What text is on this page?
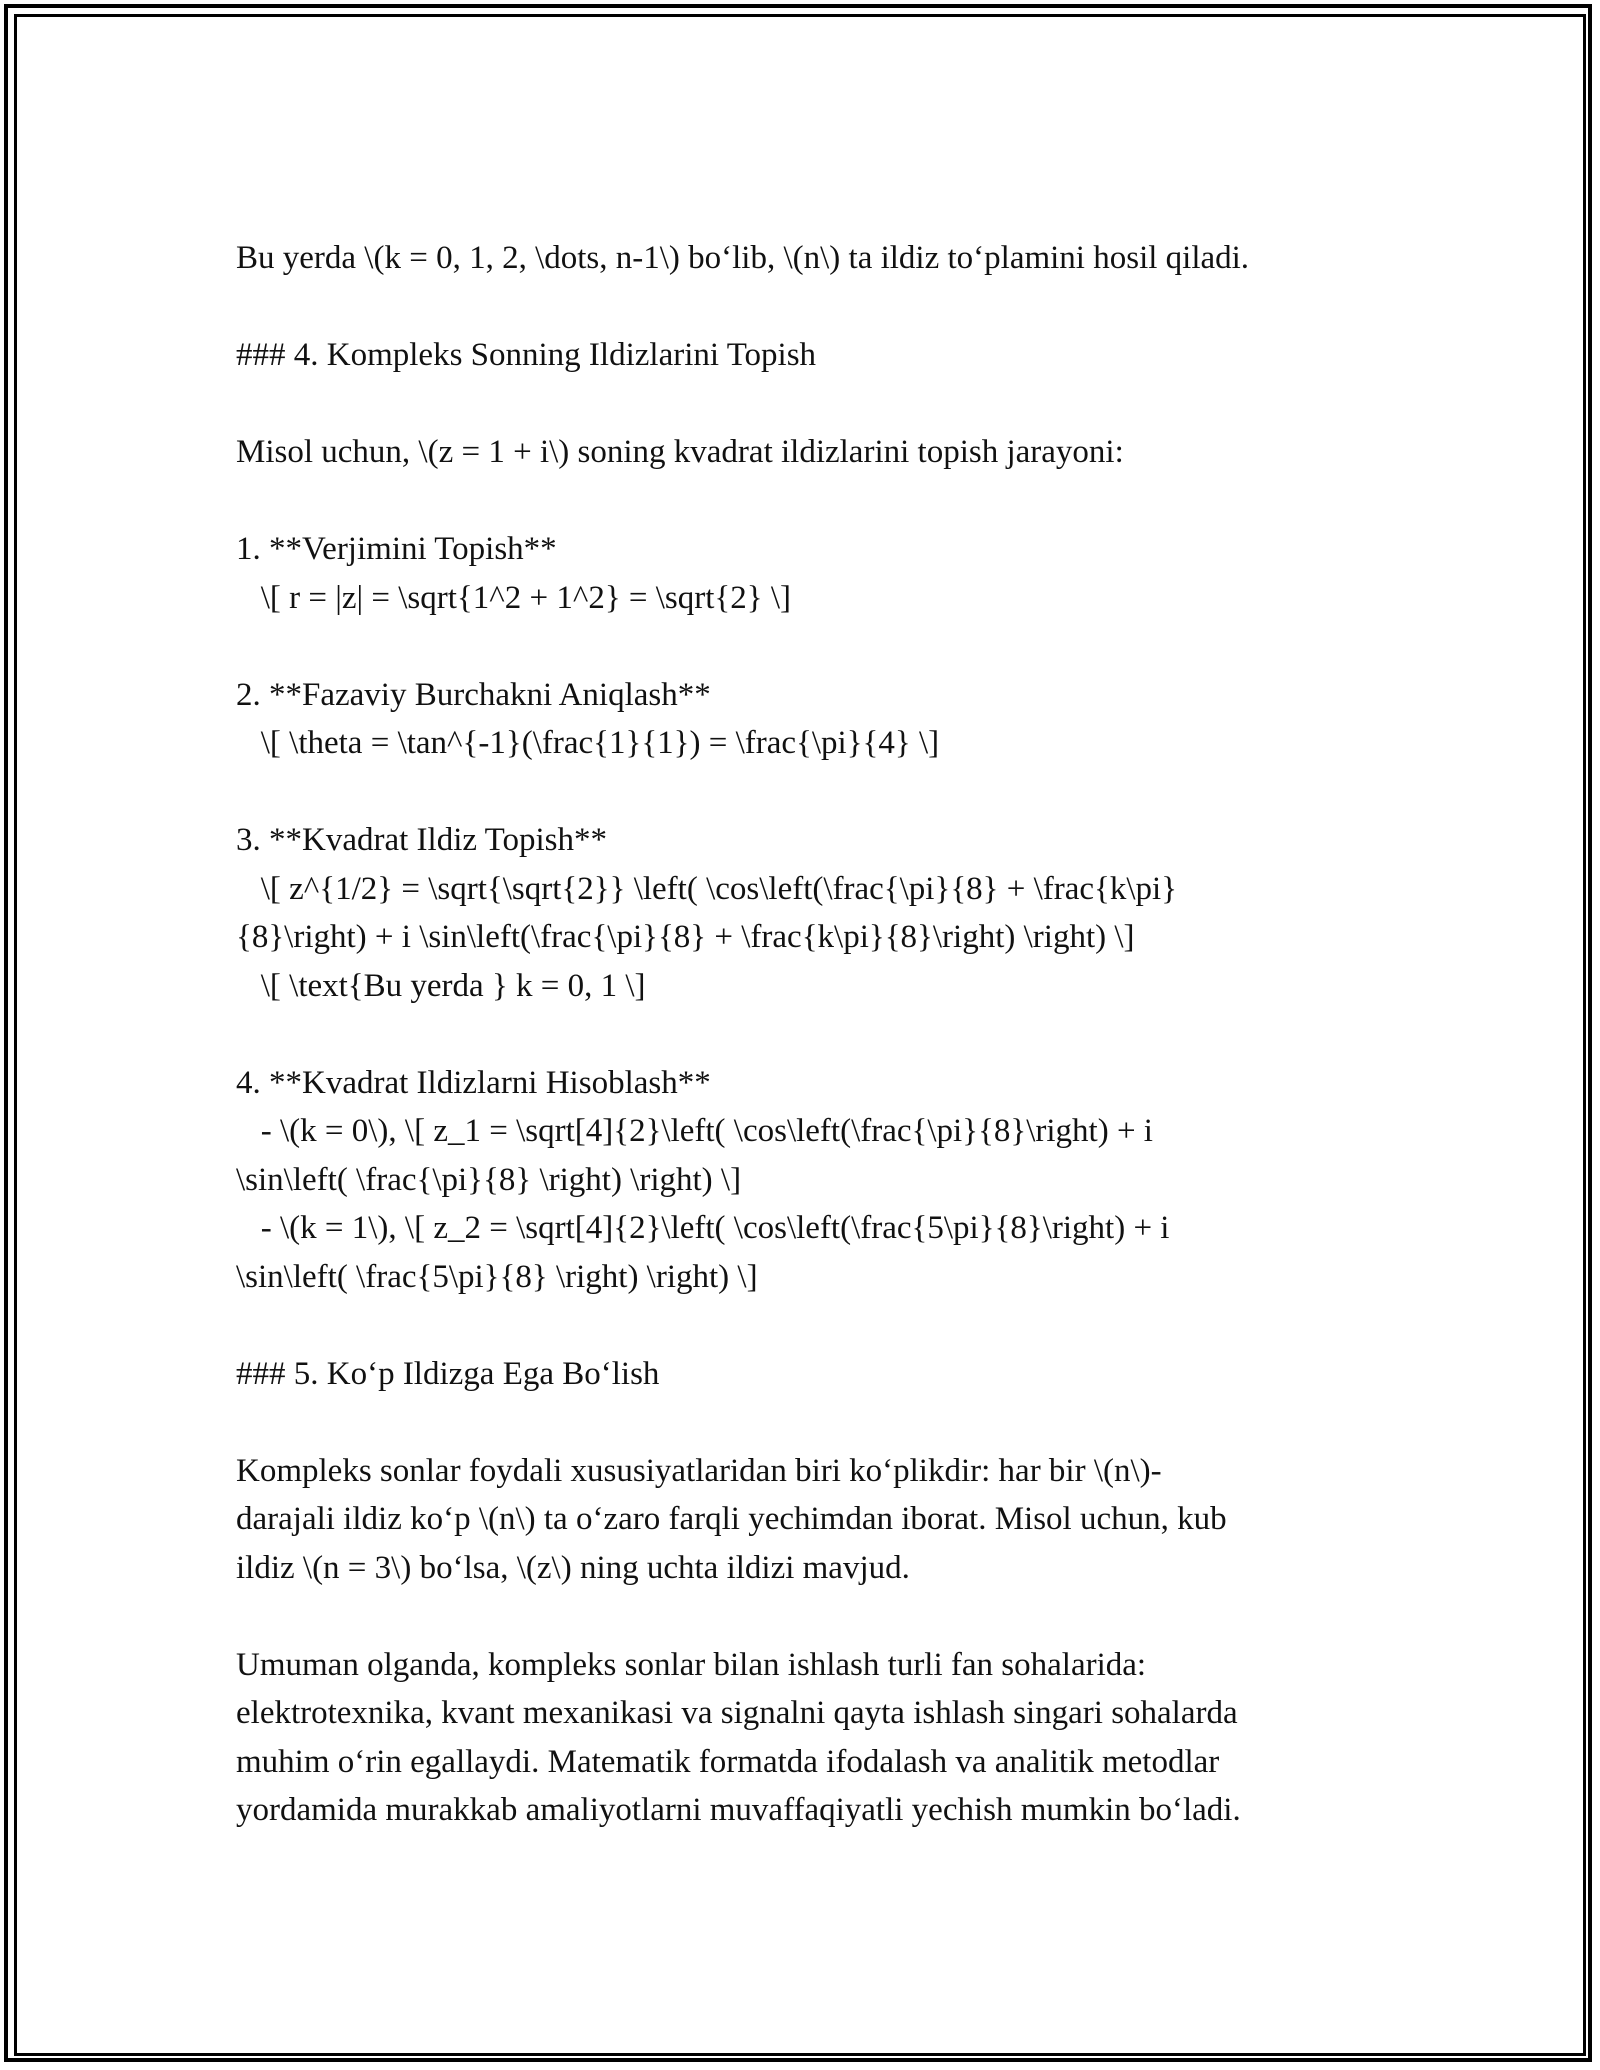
Bu yerda \(k = 0, 1, 2, \dots, n-1\) bo‘lib, \(n\) ta ildiz to‘plamini hosil qiladi.
### 4. Kompleks Sonning Ildizlarini Topish
Misol uchun, \(z = 1 + i\) soning kvadrat ildizlarini topish jarayoni:
1. **Verjimini Topish**
\[ r = |z| = \sqrt{1^2 + 1^2} = \sqrt{2} \]
2. **Fazaviy Burchakni Aniqlash**
\[ \theta = \tan^{-1}(\frac{1}{1}) = \frac{\pi}{4} \]
3. **Kvadrat Ildiz Topish**
\[ z^{1/2} = \sqrt{\sqrt{2}} \left( \cos\left(\frac{\pi}{8} + \frac{k\pi}
{8}\right) + i \sin\left(\frac{\pi}{8} + \frac{k\pi}{8}\right) \right) \]
\[ \text{Bu yerda } k = 0, 1 \]
4. **Kvadrat Ildizlarni Hisoblash**
- \(k = 0\), \[ z_1 = \sqrt[4]{2}\left( \cos\left(\frac{\pi}{8}\right) + i
\sin\left( \frac{\pi}{8} \right) \right) \]
- \(k = 1\), \[ z_2 = \sqrt[4]{2}\left( \cos\left(\frac{5\pi}{8}\right) + i
\sin\left( \frac{5\pi}{8} \right) \right) \]
### 5. Ko‘p Ildizga Ega Bo‘lish
Kompleks sonlar foydali xususiyatlaridan biri ko‘plikdir: har bir \(n\)-
darajali ildiz ko‘p \(n\) ta o‘zaro farqli yechimdan iborat. Misol uchun, kub
ildiz \(n = 3\) bo‘lsa, \(z\) ning uchta ildizi mavjud.
Umuman olganda, kompleks sonlar bilan ishlash turli fan sohalarida:
elektrotexnika, kvant mexanikasi va signalni qayta ishlash singari sohalarda
muhim o‘rin egallaydi. Matematik formatda ifodalash va analitik metodlar
yordamida murakkab amaliyotlarni muvaffaqiyatli yechish mumkin bo‘ladi.
